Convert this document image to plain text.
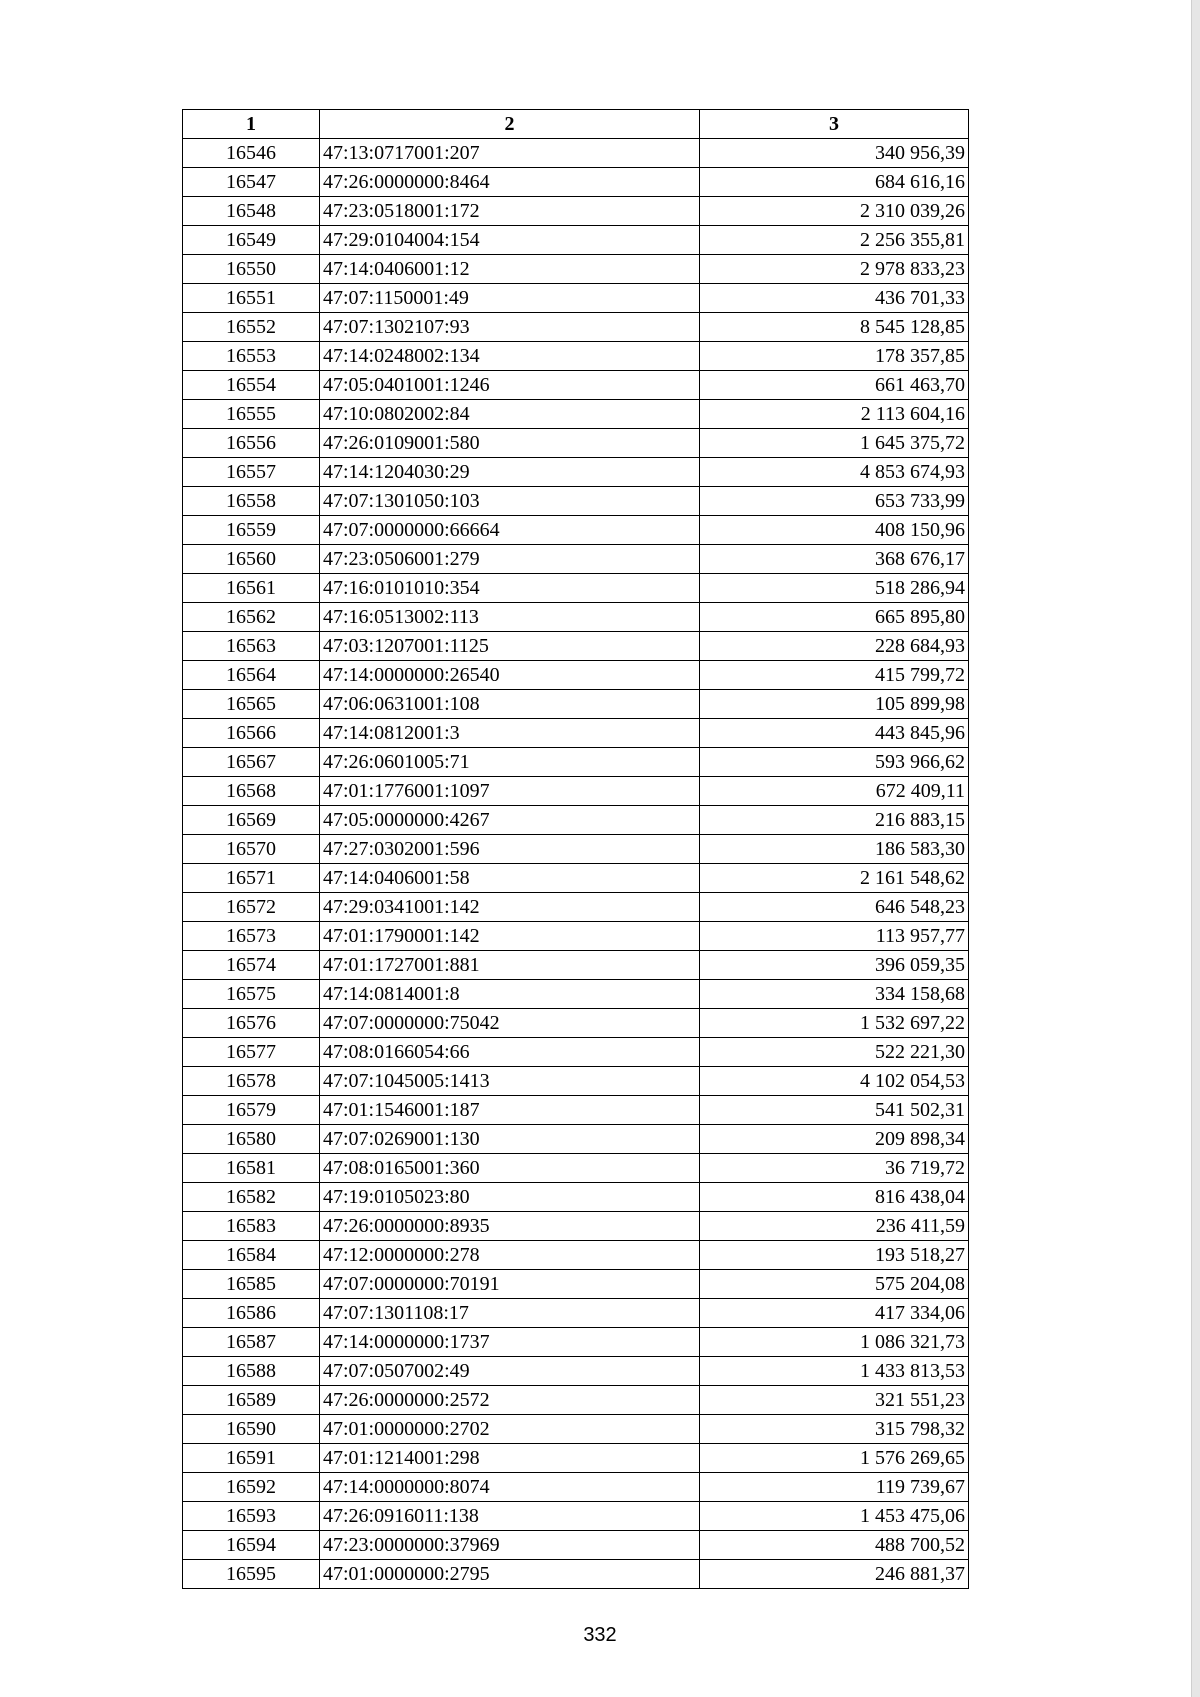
1	2	3
16546	47:13:0717001:207	340 956,39
16547	47:26:0000000:8464	684 616,16
16548	47:23:0518001:172	2 310 039,26
16549	47:29:0104004:154	2 256 355,81
16550	47:14:0406001:12	2 978 833,23
16551	47:07:1150001:49	436 701,33
16552	47:07:1302107:93	8 545 128,85
16553	47:14:0248002:134	178 357,85
16554	47:05:0401001:1246	661 463,70
16555	47:10:0802002:84	2 113 604,16
16556	47:26:0109001:580	1 645 375,72
16557	47:14:1204030:29	4 853 674,93
16558	47:07:1301050:103	653 733,99
16559	47:07:0000000:66664	408 150,96
16560	47:23:0506001:279	368 676,17
16561	47:16:0101010:354	518 286,94
16562	47:16:0513002:113	665 895,80
16563	47:03:1207001:1125	228 684,93
16564	47:14:0000000:26540	415 799,72
16565	47:06:0631001:108	105 899,98
16566	47:14:0812001:3	443 845,96
16567	47:26:0601005:71	593 966,62
16568	47:01:1776001:1097	672 409,11
16569	47:05:0000000:4267	216 883,15
16570	47:27:0302001:596	186 583,30
16571	47:14:0406001:58	2 161 548,62
16572	47:29:0341001:142	646 548,23
16573	47:01:1790001:142	113 957,77
16574	47:01:1727001:881	396 059,35
16575	47:14:0814001:8	334 158,68
16576	47:07:0000000:75042	1 532 697,22
16577	47:08:0166054:66	522 221,30
16578	47:07:1045005:1413	4 102 054,53
16579	47:01:1546001:187	541 502,31
16580	47:07:0269001:130	209 898,34
16581	47:08:0165001:360	36 719,72
16582	47:19:0105023:80	816 438,04
16583	47:26:0000000:8935	236 411,59
16584	47:12:0000000:278	193 518,27
16585	47:07:0000000:70191	575 204,08
16586	47:07:1301108:17	417 334,06
16587	47:14:0000000:1737	1 086 321,73
16588	47:07:0507002:49	1 433 813,53
16589	47:26:0000000:2572	321 551,23
16590	47:01:0000000:2702	315 798,32
16591	47:01:1214001:298	1 576 269,65
16592	47:14:0000000:8074	119 739,67
16593	47:26:0916011:138	1 453 475,06
16594	47:23:0000000:37969	488 700,52
16595	47:01:0000000:2795	246 881,37
332
